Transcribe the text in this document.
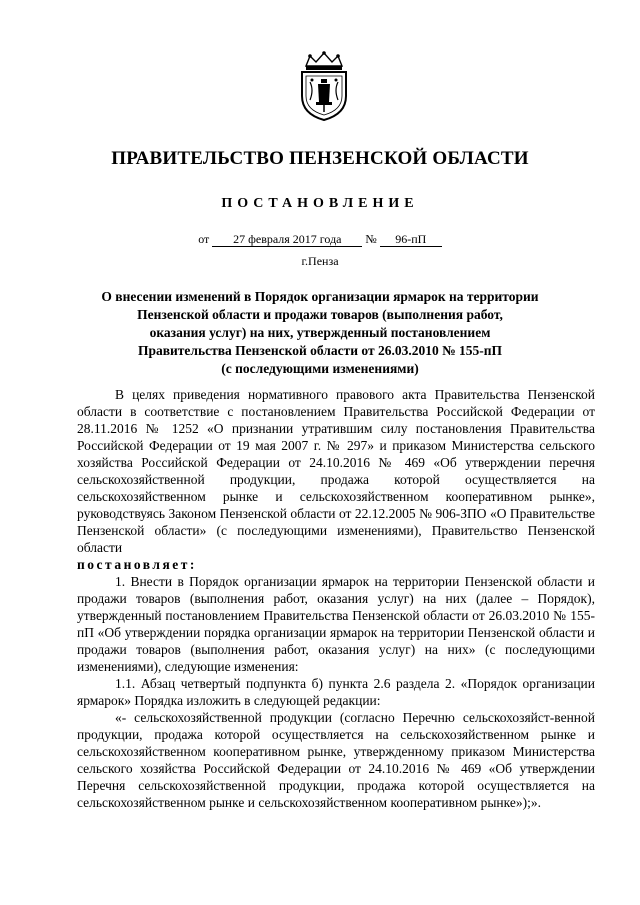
ПРАВИТЕЛЬСТВО ПЕНЗЕНСКОЙ ОБЛАСТИ
ПОСТАНОВЛЕНИЕ
от 27 февраля 2017 года № 96-пП
г.Пенза
О внесении изменений в Порядок организации ярмарок на территории
Пензенской области и продажи товаров (выполнения работ,
оказания услуг) на них, утвержденный постановлением
Правительства Пензенской области от 26.03.2010 № 155-пП
(с последующими изменениями)

В целях приведения нормативного правового акта Правительства Пензенской области в соответствие с постановлением Правительства Российской Федерации от 28.11.2016 № 1252 «О признании утратившим силу постановления Правительства Российской Федерации от 19 мая 2007 г. № 297» и приказом Министерства сельского хозяйства Российской Федерации от 24.10.2016 № 469 «Об утверждении перечня сельскохозяйственной продукции, продажа которой осуществляется на сельскохозяйственном рынке и сельскохозяйственном кооперативном рынке», руководствуясь Законом Пензенской области от 22.12.2005 № 906-ЗПО «О Правительстве Пензенской области» (с последующими изменениями), Правительство Пензенской области

постановляет:

1. Внести в Порядок организации ярмарок на территории Пензенской области и продажи товаров (выполнения работ, оказания услуг) на них (далее – Порядок), утвержденный постановлением Правительства Пензенской области от 26.03.2010 № 155-пП «Об утверждении порядка организации ярмарок на территории Пензенской области и продажи товаров (выполнения работ, оказания услуг) на них» (с последующими изменениями), следующие изменения:

1.1. Абзац четвертый подпункта б) пункта 2.6 раздела 2. «Порядок организации ярмарок» Порядка изложить в следующей редакции:

«- сельскохозяйственной продукции (согласно Перечню сельскохозяйст-венной продукции, продажа которой осуществляется на сельскохозяйственном рынке и сельскохозяйственном кооперативном рынке, утвержденному приказом Министерства сельского хозяйства Российской Федерации от 24.10.2016 № 469 «Об утверждении Перечня сельскохозяйственной продукции, продажа которой осуществляется на сельскохозяйственном рынке и сельскохозяйственном кооперативном рынке»);».
